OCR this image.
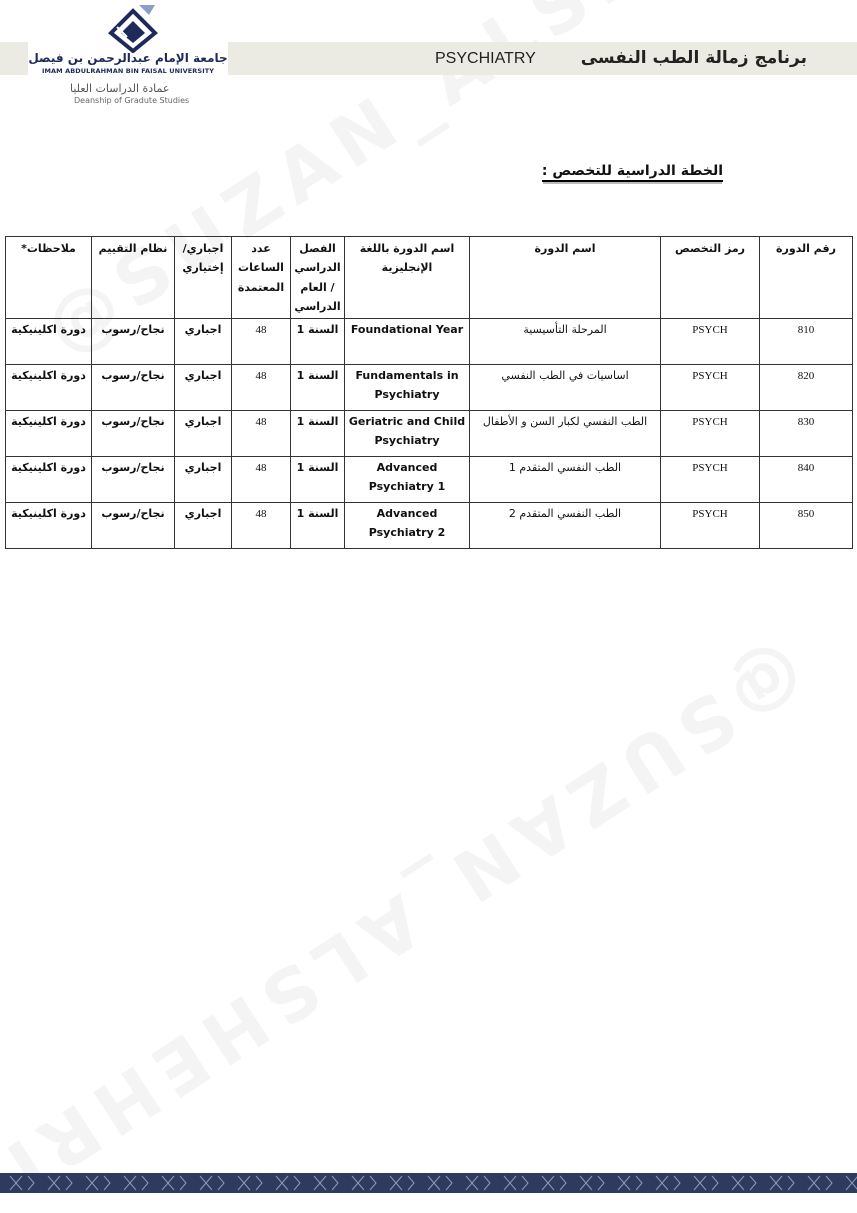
جامعة الإمام عبدالرحمن بن فيصل
IMAM ABDULRAHMAN BIN FAISAL UNIVERSITY
عمادة الدراسات العليا
Deanship of Gradute Studies
PSYCHIATRY	برنامج زمالة الطب النفسى
الخطة الدراسية للتخصص :
رقم الدورة	رمز التخصص	اسم الدورة	اسم الدورة باللغة الإنجليزية	الفصل الدراسي / العام الدراسي	عدد الساعات المعتمدة	اجباري/ إختياري	نظام التقييم	ملاحظات*
810	PSYCH	المرحلة التأسيسية	Foundational Year	السنة 1	48	اجباري	نجاح/رسوب	دورة اكلينيكية
820	PSYCH	اساسيات في الطب النفسي	Fundamentals in Psychiatry	السنة 1	48	اجباري	نجاح/رسوب	دورة اكلينيكية
830	PSYCH	الطب النفسي لكبار السن و الأطفال	Geriatric and Child Psychiatry	السنة 1	48	اجباري	نجاح/رسوب	دورة اكلينيكية
840	PSYCH	الطب النفسي المتقدم 1	Advanced Psychiatry 1	السنة 1	48	اجباري	نجاح/رسوب	دورة اكلينيكية
850	PSYCH	الطب النفسي المتقدم 2	Advanced Psychiatry 2	السنة 1	48	اجباري	نجاح/رسوب	دورة اكلينيكية
